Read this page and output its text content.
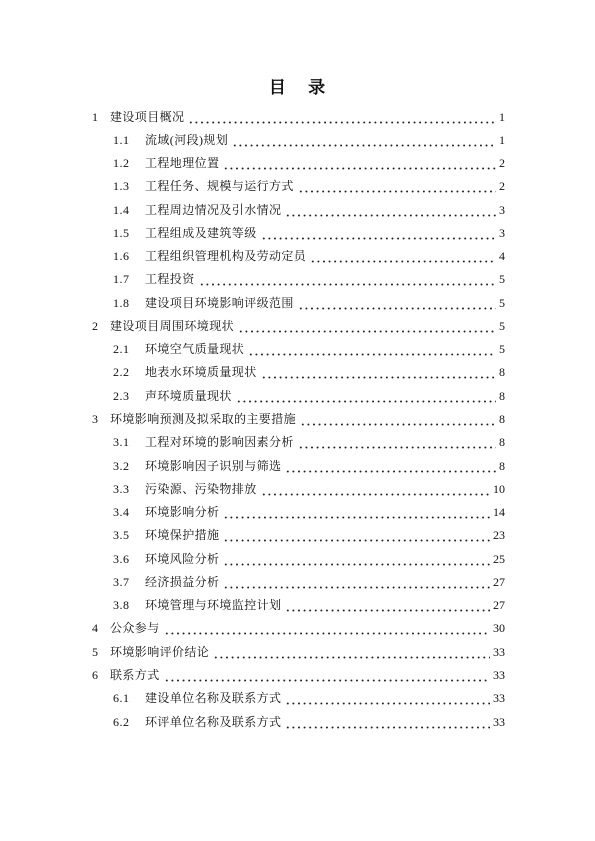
目 录
1 建设项目概况	1
1.1	流域(河段)规划	1
1.2	工程地理位置	2
1.3	工程任务、规模与运行方式	2
1.4	工程周边情况及引水情况	3
1.5	工程组成及建筑等级	3
1.6	工程组织管理机构及劳动定员	4
1.7	工程投资	5
1.8	建设项目环境影响评级范围	5
2 建设项目周围环境现状	5
2.1	环境空气质量现状	5
2.2	地表水环境质量现状	8
2.3	声环境质量现状	8
3 环境影响预测及拟采取的主要措施	8
3.1	工程对环境的影响因素分析	8
3.2	环境影响因子识别与筛选	8
3.3	污染源、污染物排放	10
3.4	环境影响分析	14
3.5	环境保护措施	23
3.6	环境风险分析	25
3.7	经济损益分析	27
3.8	环境管理与环境监控计划	27
4 公众参与	30
5 环境影响评价结论	33
6 联系方式	33
6.1	建设单位名称及联系方式	33
6.2	环评单位名称及联系方式	33
